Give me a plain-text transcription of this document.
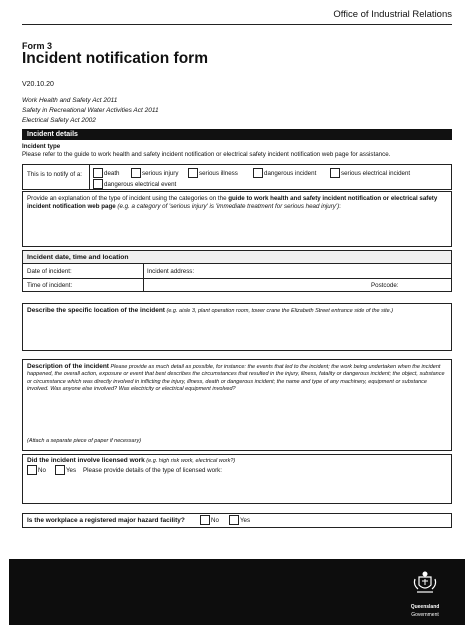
Office of Industrial Relations
Form 3
Incident notification form
V20.10.20
Work Health and Safety Act 2011
Safety in Recreational Water Activities Act 2011
Electrical Safety Act 2002
Incident details
Incident type
Please refer to the guide to work health and safety incident notification or electrical safety incident notification web page for assistance.
This is to notify of a:	death	serious injury	serious illness	dangerous incident	serious electrical incident
dangerous electrical event
Provide an explanation of the type of incident using the categories on the guide to work health and safety incident notification or electrical safety incident notification web page (e.g. a category of 'serious injury' is 'immediate treatment for serious head injury'):
Incident date, time and location
Date of incident:	Incident address:
Time of incident:	Postcode:
Describe the specific location of the incident (e.g. aisle 3, plant operation room, tower crane the Elizabeth Street entrance side of the site.)
Description of the incident Please provide as much detail as possible, for instance: the events that led to the incident; the work being undertaken when the incident happened, the overall action, exposure or event that best describes the circumstances that resulted in the injury, illness, fatality or dangerous incident; the object, substance or circumstance which was directly involved in inflicting the injury, illness, death or dangerous incident; the name and type of any machinery, equipment or substance involved. Was anyone else involved? Was electricity or electrical equipment involved?
(Attach a separate piece of paper if necessary)
Did the incident involve licensed work (e.g. high risk work, electrical work?)
No	Yes Please provide details of the type of licensed work:
Is the workplace a registered major hazard facility?	No	Yes
Queensland
Government
